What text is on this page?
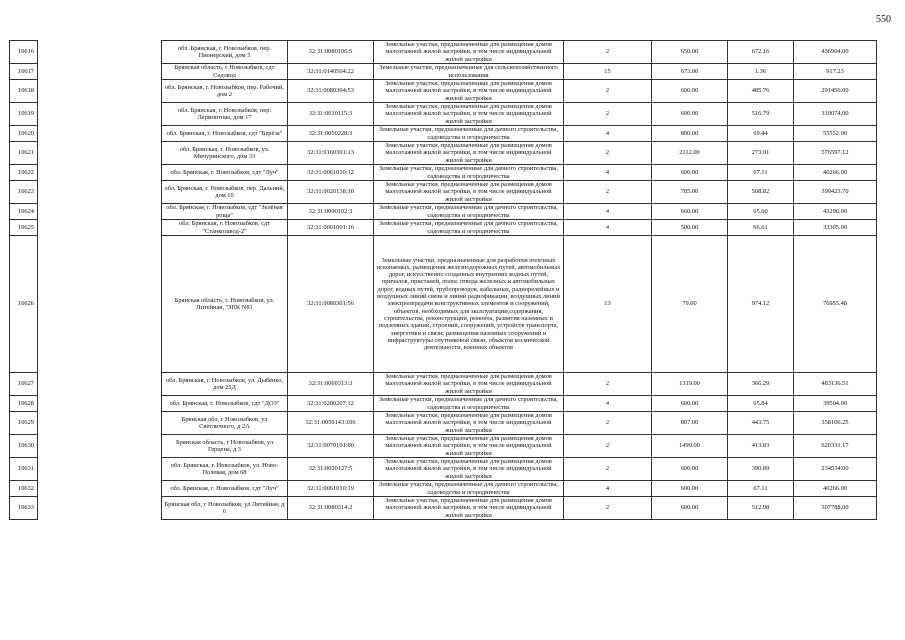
550
10616		обл. Брянская, г. Новозыбков, пер. Пионерский, дом 5	32:31:0080106:5	Земельные участки, предназначенные для размещения домов малоэтажной жилой застройки, в том числе индивидуальной жилой застройки	2	650.00	672.16	436904.00
10617		Брянская область, г Новозыбков, сдт Садовод	32:31:0140504:22	Земельные участки, предназначенные для сельскохозяйственного использования	15	673.00	1.36	917.23
10618		обл. Брянская, г. Новозыбков, пер. Рабочий, дом 2	32:31:0080304:53	Земельные участки, предназначенные для размещения домов малоэтажной жилой застройки, в том числе индивидуальной жилой застройки	2	600.00	485.76	291456.00
10619		обл. Брянская, г. Новозыбков, пер. Лермонтова, дом 17	32:31:0010115:3	Земельные участки, предназначенные для размещения домов малоэтажной жилой застройки, в том числе индивидуальной жилой застройки	2	600.00	516.79	310074.00
10620		обл. Брянская, г. Новозыбков, сдт "Берёза"	32:31:0050228:3	Земельные участки, предназначенные для дачного строительства, садоводства и огородничества	4	800.00	69.44	55552.00
10621		обл. Брянская, г. Новозыбков, ул. Мичуринского, дом 33	32:31:0160301:13	Земельные участки, предназначенные для размещения домов малоэтажной жилой застройки, в том числе индивидуальной жилой застройки	2	2112.00	273.01	576597.12
10622		обл. Брянская, г. Новозыбков, сдт "Луч"	32:31:0061010:12	Земельные участки, предназначенные для дачного строительства, садоводства и огородничества	4	600.00	67.11	40266.00
10623		обл. Брянская, г. Новозыбков, пер. Дальний, дом 10	32:31:0020138:10	Земельные участки, предназначенные для размещения домов малоэтажной жилой застройки, в том числе индивидуальной жилой застройки	2	785.00	508.82	399423.70
10624		обл. Брянская, г. Новозыбков, сдт "Зелёная роща"	32:31:0090102:3	Земельные участки, предназначенные для дачного строительства, садоводства и огородничества	4	660.00	65.60	43296.00
10625		обл. Брянская, г. Новозыбков, сдт "Станкозавод-2"	32:31:0061001:16	Земельные участки, предназначенные для дачного строительства, садоводства и огородничества	4	500.00	66.61	33305.00
10626		Брянская область, г. Новозыбков, ул. Литейная, "ЗПК N81	32:31:0080301:56	Земельные участки, предназначенные для разработки полезных ископаемых, размещения железнодорожных путей, автомобильных дорог, искусственно созданных внутренних водных путей, причалов, пристаней, полос отвода железных и автомобильных дорог, водных путей, трубопроводов, кабельных, радиорелейных и воздушных линий связи и линий радиофикации, воздушных линий электропередачи конструктивных элементов и сооружений, объектов, необходимых для эксплуатации,содержания, строительства, реконструкции, ремонта, развития наземных и подземных зданий, строений, сооружений, устройств транспорта, энергетики и связи; размещения наземных сооружений и инфраструктуры спутниковой связи, объектов космической деятельности, военных объектов	13	79.00	974.12	76955.48
10627		обл. Брянская, г. Новозыбков, ул. Дыбенко, дом 25Д	32:31:0060313:3	Земельные участки, предназначенные для размещения домов малоэтажной жилой застройки, в том числе индивидуальной жилой застройки	2	1319.00	366.29	483136.51
10628		обл. Брянская, г. Новозыбков, сдт "ДОЗ"	32:31:0200207:12	Земельные участки, предназначенные для дачного строительства, садоводства и огородничества	4	600.00	65.84	39504.00
10629		Брянская обл, г Новозыбков, ул Светличного, д 2А	32:31:0050143:106	Земельные участки, предназначенные для размещения домов малоэтажной жилой застройки, в том числе индивидуальной жилой застройки	2	807.00	443.75	358106.25
10630		Брянская область, г Новозыбков, ул Герцена, д 3	32:31:0070101:80	Земельные участки, предназначенные для размещения домов малоэтажной жилой застройки, в том числе индивидуальной жилой застройки	2	1499.00	413.83	620331.17
10631		обл. Брянская, г. Новозыбков, ул. Ново-Полевая, дом 68	32:31:0020127:5	Земельные участки, предназначенные для размещения домов малоэтажной жилой застройки, в том числе индивидуальной жилой застройки	2	600.00	390.89	234534.00
10632		обл. Брянская, г. Новозыбков, сдт "Луч"	32:31:0061010:19	Земельные участки, предназначенные для дачного строительства, садоводства и огородничества	4	600.00	67.11	40266.00
10633		Брянская обл, г Новозыбков, ул Литейная, д 6	32:31:0080314:2	Земельные участки, предназначенные для размещения домов малоэтажной жилой застройки, в том числе индивидуальной жилой застройки	2	600.00	512.98	307788.00
